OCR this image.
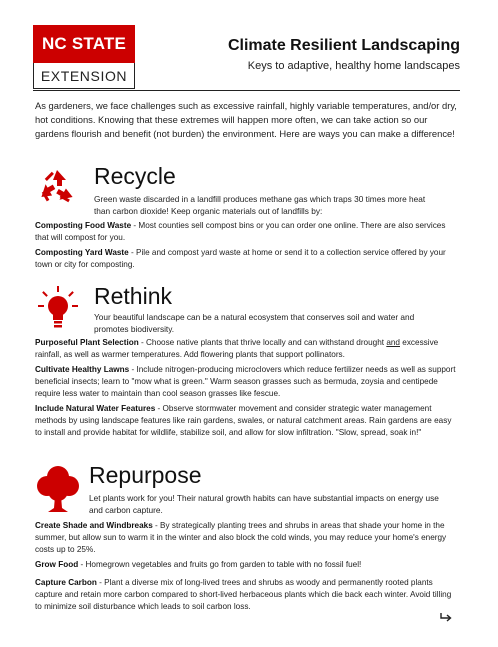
NC STATE
EXTENSION
Climate Resilient Landscaping
Keys to adaptive, healthy home landscapes
As gardeners, we face challenges such as excessive rainfall, highly variable temperatures, and/or dry, hot conditions. Knowing that these extremes will happen more often, we can take action so our gardens flourish and benefit (not burden) the environment. Here are ways you can make a difference!
Recycle
Green waste discarded in a landfill produces methane gas which traps 30 times more heat than carbon dioxide! Keep organic materials out of landfills by:
Composting Food Waste - Most counties sell compost bins or you can order one online. There are also services that will compost for you.
Composting Yard Waste - Pile and compost yard waste at home or send it to a collection service offered by your town or city for composting.
Rethink
Your beautiful landscape can be a natural ecosystem that conserves soil and water and promotes biodiversity.
Purposeful Plant Selection - Choose native plants that thrive locally and can withstand drought and excessive rainfall, as well as warmer temperatures. Add flowering plants that support pollinators.
Cultivate Healthy Lawns - Include nitrogen-producing microclovers which reduce fertilizer needs as well as support beneficial insects; learn to "mow what is green." Warm season grasses such as bermuda, zoysia and centipede require less water to maintain than cool season grasses like fescue.
Include Natural Water Features - Observe stormwater movement and consider strategic water management methods by using landscape features like rain gardens, swales, or natural catchment areas. Rain gardens are easy to install and provide habitat for wildlife, stabilize soil, and allow for slow infiltration. "Slow, spread, soak in!"
Repurpose
Let plants work for you! Their natural growth habits can have substantial impacts on energy use and carbon capture.
Create Shade and Windbreaks - By strategically planting trees and shrubs in areas that shade your home in the summer, but allow sun to warm it in the winter and also block the cold winds, you may reduce your home's energy costs up to 25%.
Grow Food - Homegrown vegetables and fruits go from garden to table with no fossil fuel!
Capture Carbon - Plant a diverse mix of long-lived trees and shrubs as woody and permanently rooted plants capture and retain more carbon compared to short-lived herbaceous plants which die back each winter. Avoid tilling to minimize soil disturbance which leads to soil carbon loss.
